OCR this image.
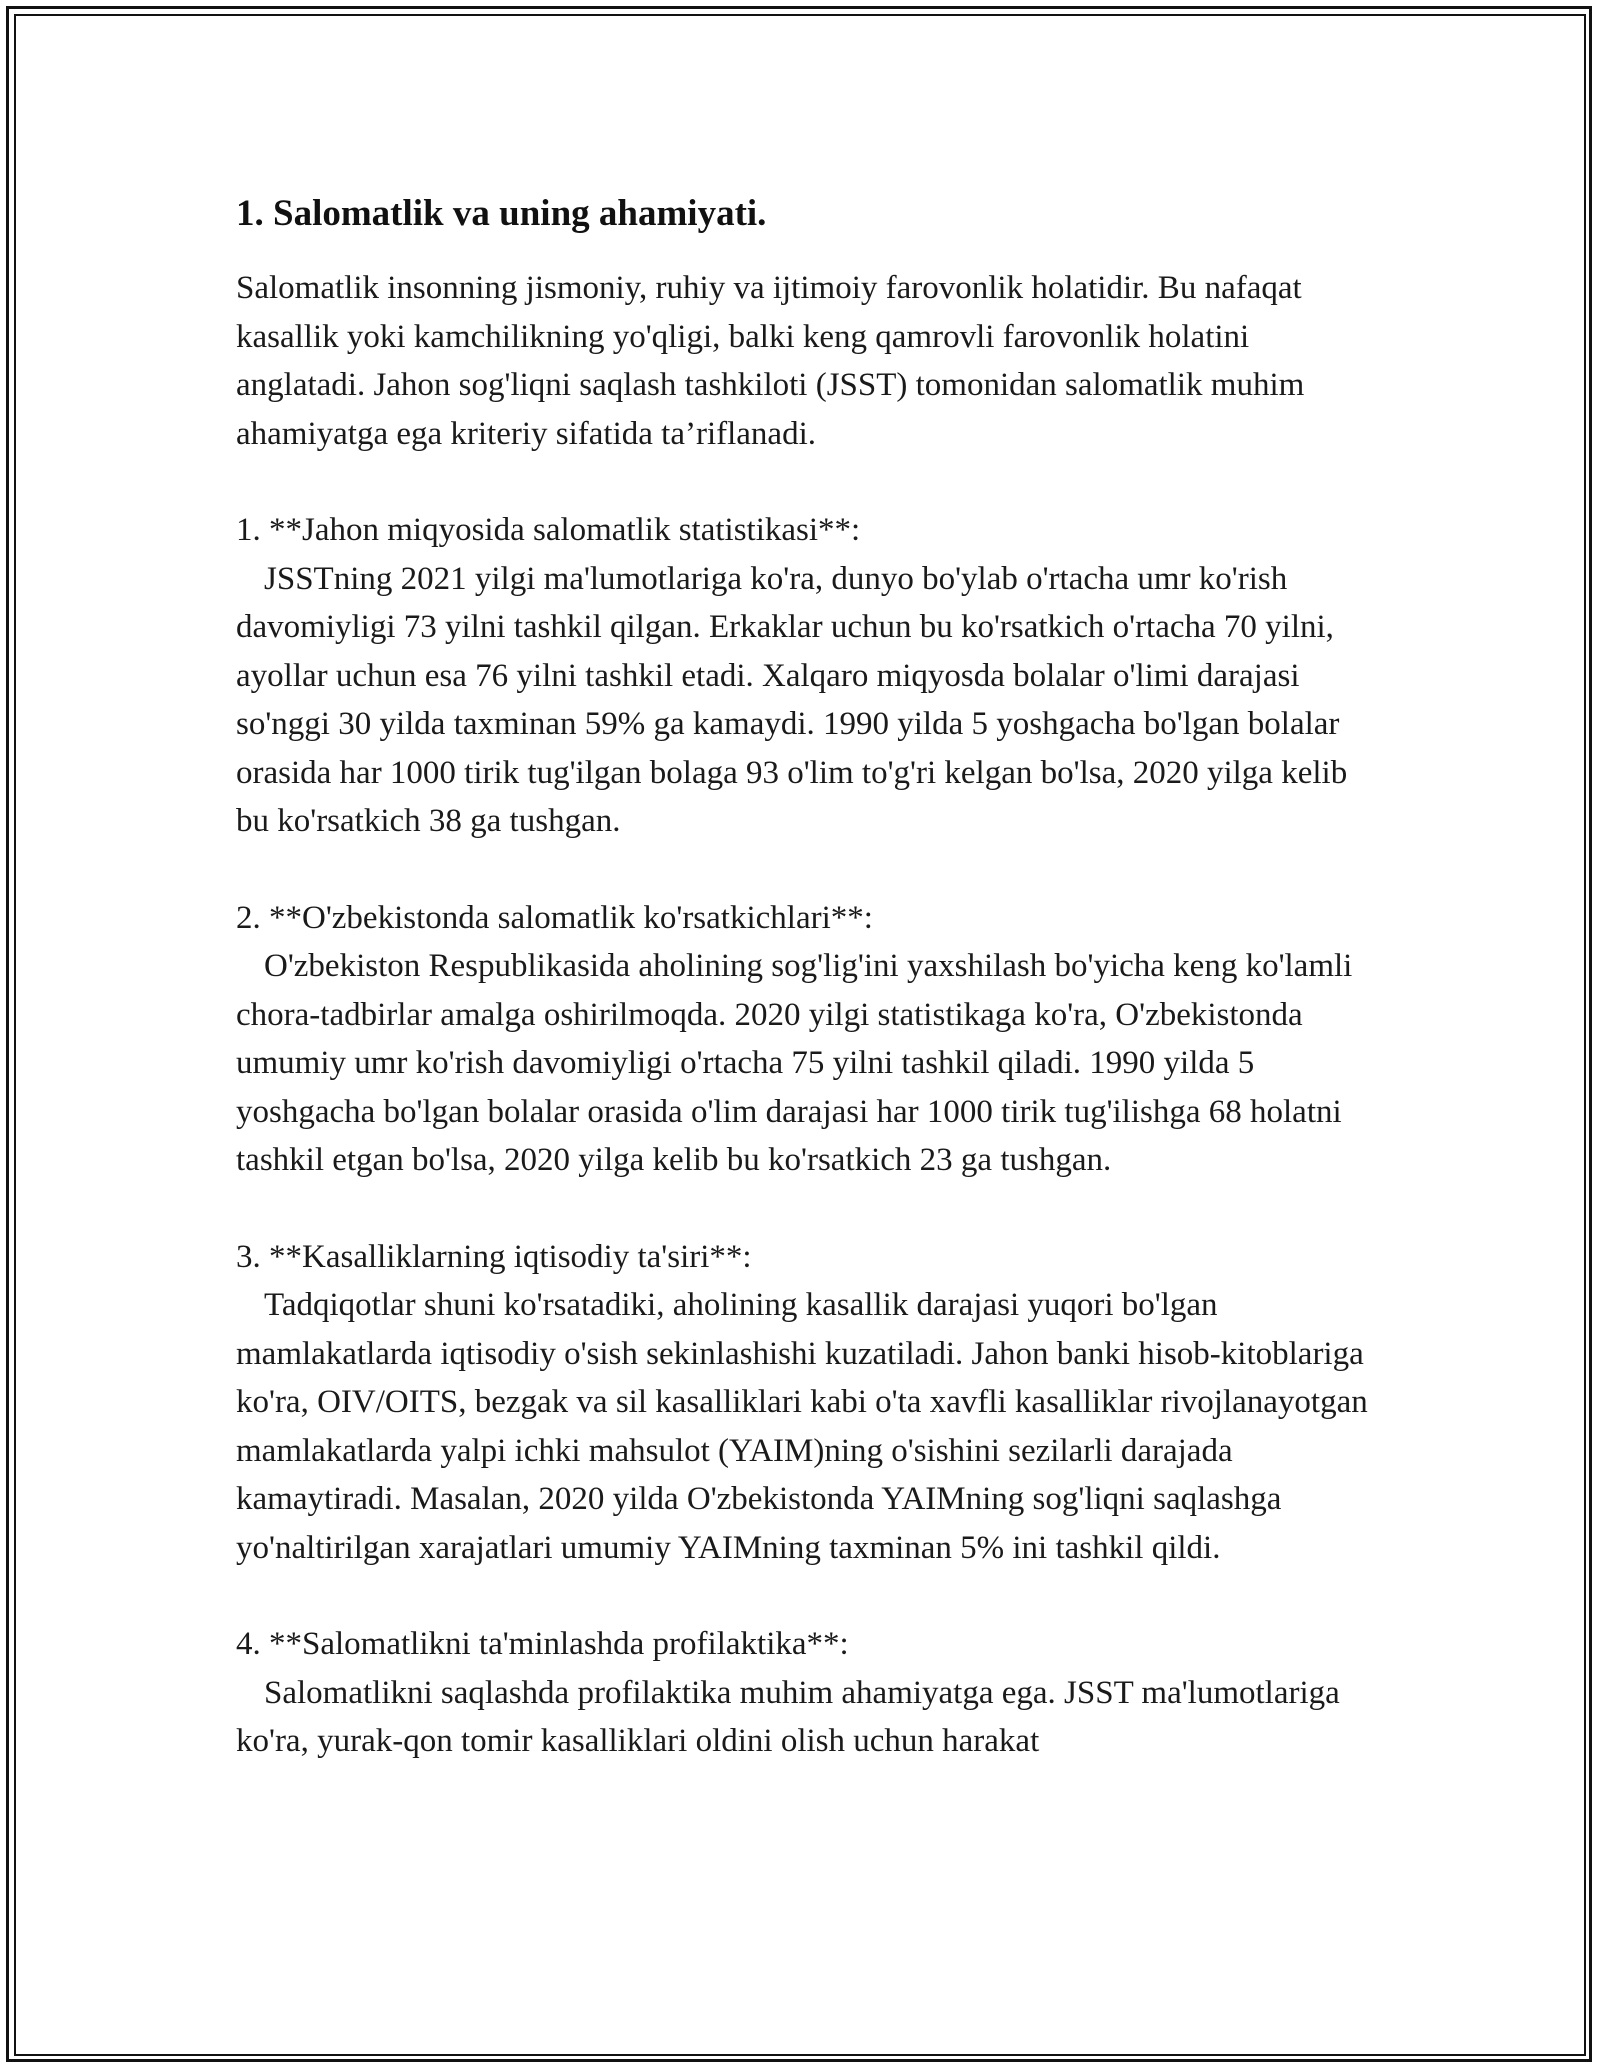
1. Salomatlik va uning ahamiyati.

Salomatlik insonning jismoniy, ruhiy va ijtimoiy farovonlik holatidir. Bu nafaqat kasallik yoki kamchilikning yo'qligi, balki keng qamrovli farovonlik holatini anglatadi. Jahon sog'liqni saqlash tashkiloti (JSST) tomonidan salomatlik muhim ahamiyatga ega kriteriy sifatida ta’riflanadi.

1. **Jahon miqyosida salomatlik statistikasi**:

JSSTning 2021 yilgi ma'lumotlariga ko'ra, dunyo bo'ylab o'rtacha umr ko'rish davomiyligi 73 yilni tashkil qilgan. Erkaklar uchun bu ko'rsatkich o'rtacha 70 yilni, ayollar uchun esa 76 yilni tashkil etadi. Xalqaro miqyosda bolalar o'limi darajasi so'nggi 30 yilda taxminan 59% ga kamaydi. 1990 yilda 5 yoshgacha bo'lgan bolalar orasida har 1000 tirik tug'ilgan bolaga 93 o'lim to'g'ri kelgan bo'lsa, 2020 yilga kelib bu ko'rsatkich 38 ga tushgan.

2. **O'zbekistonda salomatlik ko'rsatkichlari**:

O'zbekiston Respublikasida aholining sog'lig'ini yaxshilash bo'yicha keng ko'lamli chora-tadbirlar amalga oshirilmoqda. 2020 yilgi statistikaga ko'ra, O'zbekistonda umumiy umr ko'rish davomiyligi o'rtacha 75 yilni tashkil qiladi. 1990 yilda 5 yoshgacha bo'lgan bolalar orasida o'lim darajasi har 1000 tirik tug'ilishga 68 holatni tashkil etgan bo'lsa, 2020 yilga kelib bu ko'rsatkich 23 ga tushgan.

3. **Kasalliklarning iqtisodiy ta'siri**:

Tadqiqotlar shuni ko'rsatadiki, aholining kasallik darajasi yuqori bo'lgan mamlakatlarda iqtisodiy o'sish sekinlashishi kuzatiladi. Jahon banki hisob-kitoblariga ko'ra, OIV/OITS, bezgak va sil kasalliklari kabi o'ta xavfli kasalliklar rivojlanayotgan mamlakatlarda yalpi ichki mahsulot (YAIM)ning o'sishini sezilarli darajada kamaytiradi. Masalan, 2020 yilda O'zbekistonda YAIMning sog'liqni saqlashga yo'naltirilgan xarajatlari umumiy YAIMning taxminan 5% ini tashkil qildi.

4. **Salomatlikni ta'minlashda profilaktika**:

Salomatlikni saqlashda profilaktika muhim ahamiyatga ega. JSST ma'lumotlariga ko'ra, yurak-qon tomir kasalliklari oldini olish uchun harakat
